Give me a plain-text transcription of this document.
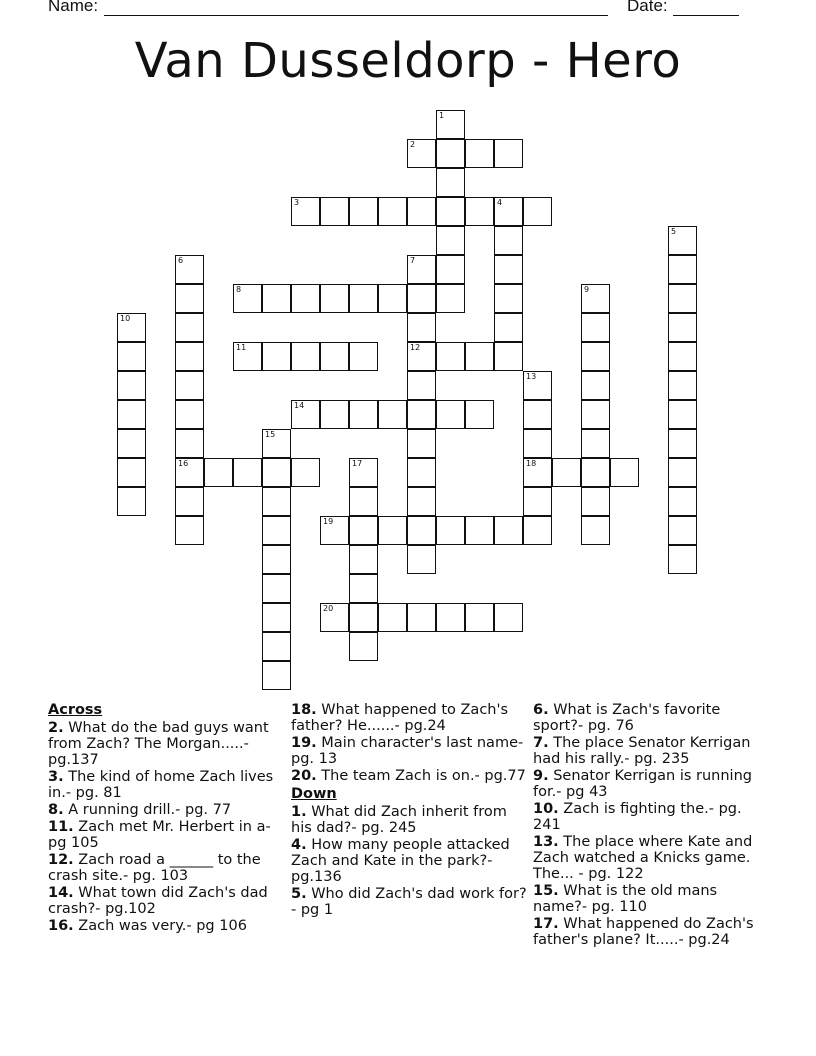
Name:	Date:
Van Dusseldorp - Hero
1
2
3	4
5
6
16
7
12
8	9
10
11
13
18
14
15
17
19
20
Across
2. What do the bad guys want from Zach? The Morgan.....- pg.137
3. The kind of home Zach lives in.- pg. 81
8. A running drill.- pg. 77
11. Zach met Mr. Herbert in a- pg 105
12. Zach road a ______ to the crash site.- pg. 103
14. What town did Zach's dad crash?- pg.102
16. Zach was very.- pg 106
18. What happened to Zach's father? He......- pg.24
19. Main character's last name- pg. 13
20. The team Zach is on.- pg.77
Down
1. What did Zach inherit from his dad?- pg. 245
4. How many people attacked Zach and Kate in the park?- pg.136
5. Who did Zach's dad work for?- pg 1
6. What is Zach's favorite sport?- pg. 76
7. The place Senator Kerrigan had his rally.- pg. 235
9. Senator Kerrigan is running for.- pg 43
10. Zach is fighting the.- pg. 241
13. The place where Kate and Zach watched a Knicks game. The... - pg. 122
15. What is the old mans name?- pg. 110
17. What happened do Zach's father's plane? It.....- pg.24
